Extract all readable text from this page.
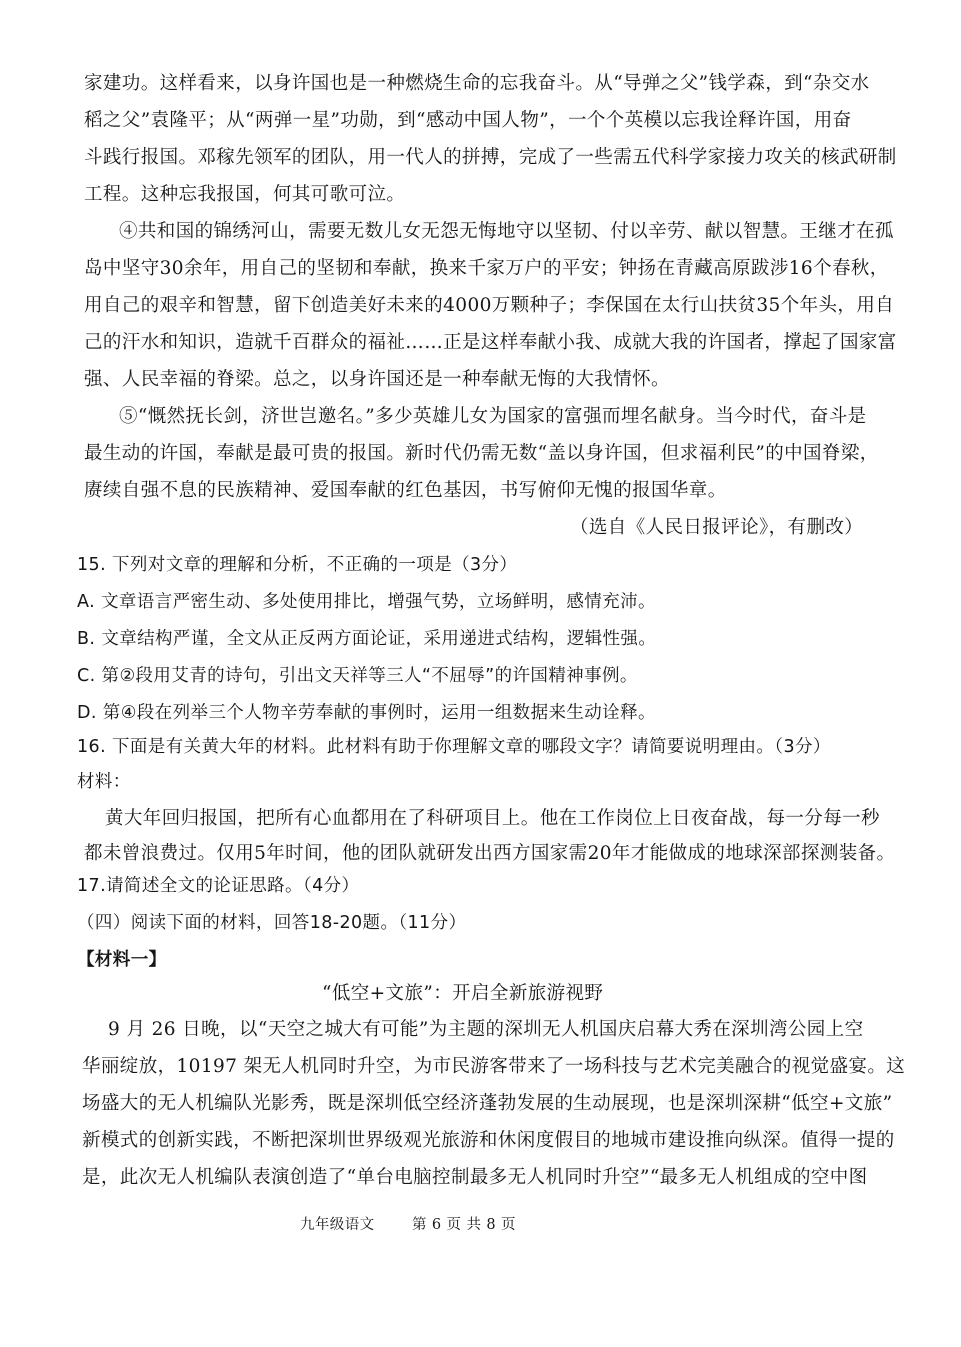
家建功。这样看来，以身许国也是一种燃烧生命的忘我奋斗。从“导弹之父”钱学森，到“杂交水
稻之父”袁隆平；从“两弹一星”功勋，到“感动中国人物”，一个个英模以忘我诠释许国，用奋
斗践行报国。邓稼先领军的团队，用一代人的拼搏，完成了一些需五代科学家接力攻关的核武研制
工程。这种忘我报国，何其可歌可泣。
④共和国的锦绣河山，需要无数儿女无怨无悔地守以坚韧、付以辛劳、献以智慧。王继才在孤
岛中坚守30余年，用自己的坚韧和奉献，换来千家万户的平安；钟扬在青藏高原跋涉16个春秋，
用自己的艰辛和智慧，留下创造美好未来的4000万颗种子；李保国在太行山扶贫35个年头，用自
己的汗水和知识，造就千百群众的福祉……正是这样奉献小我、成就大我的许国者，撑起了国家富
强、人民幸福的脊梁。总之，以身许国还是一种奉献无悔的大我情怀。
⑤“慨然抚长剑，济世岂邀名。”多少英雄儿女为国家的富强而埋名献身。当今时代，奋斗是
最生动的许国，奉献是最可贵的报国。新时代仍需无数“盖以身许国，但求福利民”的中国脊梁，
赓续自强不息的民族精神、爱国奉献的红色基因，书写俯仰无愧的报国华章。
（选自《人民日报评论》，有删改）
15. 下列对文章的理解和分析，不正确的一项是（3分）
A. 文章语言严密生动、多处使用排比，增强气势，立场鲜明，感情充沛。
B. 文章结构严谨，全文从正反两方面论证，采用递进式结构，逻辑性强。
C. 第②段用艾青的诗句，引出文天祥等三人“不屈辱”的许国精神事例。
D. 第④段在列举三个人物辛劳奉献的事例时，运用一组数据来生动诠释。
16. 下面是有关黄大年的材料。此材料有助于你理解文章的哪段文字？请简要说明理由。（3分）
材料：
黄大年回归报国，把所有心血都用在了科研项目上。他在工作岗位上日夜奋战，每一分每一秒
都未曾浪费过。仅用5年时间，他的团队就研发出西方国家需20年才能做成的地球深部探测装备。
17.请简述全文的论证思路。（4分）
（四）阅读下面的材料，回答18-20题。（11分）
【材料一】
“低空+文旅”：开启全新旅游视野
9 月 26 日晚，以“天空之城大有可能”为主题的深圳无人机国庆启幕大秀在深圳湾公园上空
华丽绽放，10197 架无人机同时升空，为市民游客带来了一场科技与艺术完美融合的视觉盛宴。这
场盛大的无人机编队光影秀，既是深圳低空经济蓬勃发展的生动展现，也是深圳深耕“低空+文旅”
新模式的创新实践，不断把深圳世界级观光旅游和休闲度假目的地城市建设推向纵深。值得一提的
是，此次无人机编队表演创造了“单台电脑控制最多无人机同时升空”“最多无人机组成的空中图
九年级语文	第 6 页 共 8 页
